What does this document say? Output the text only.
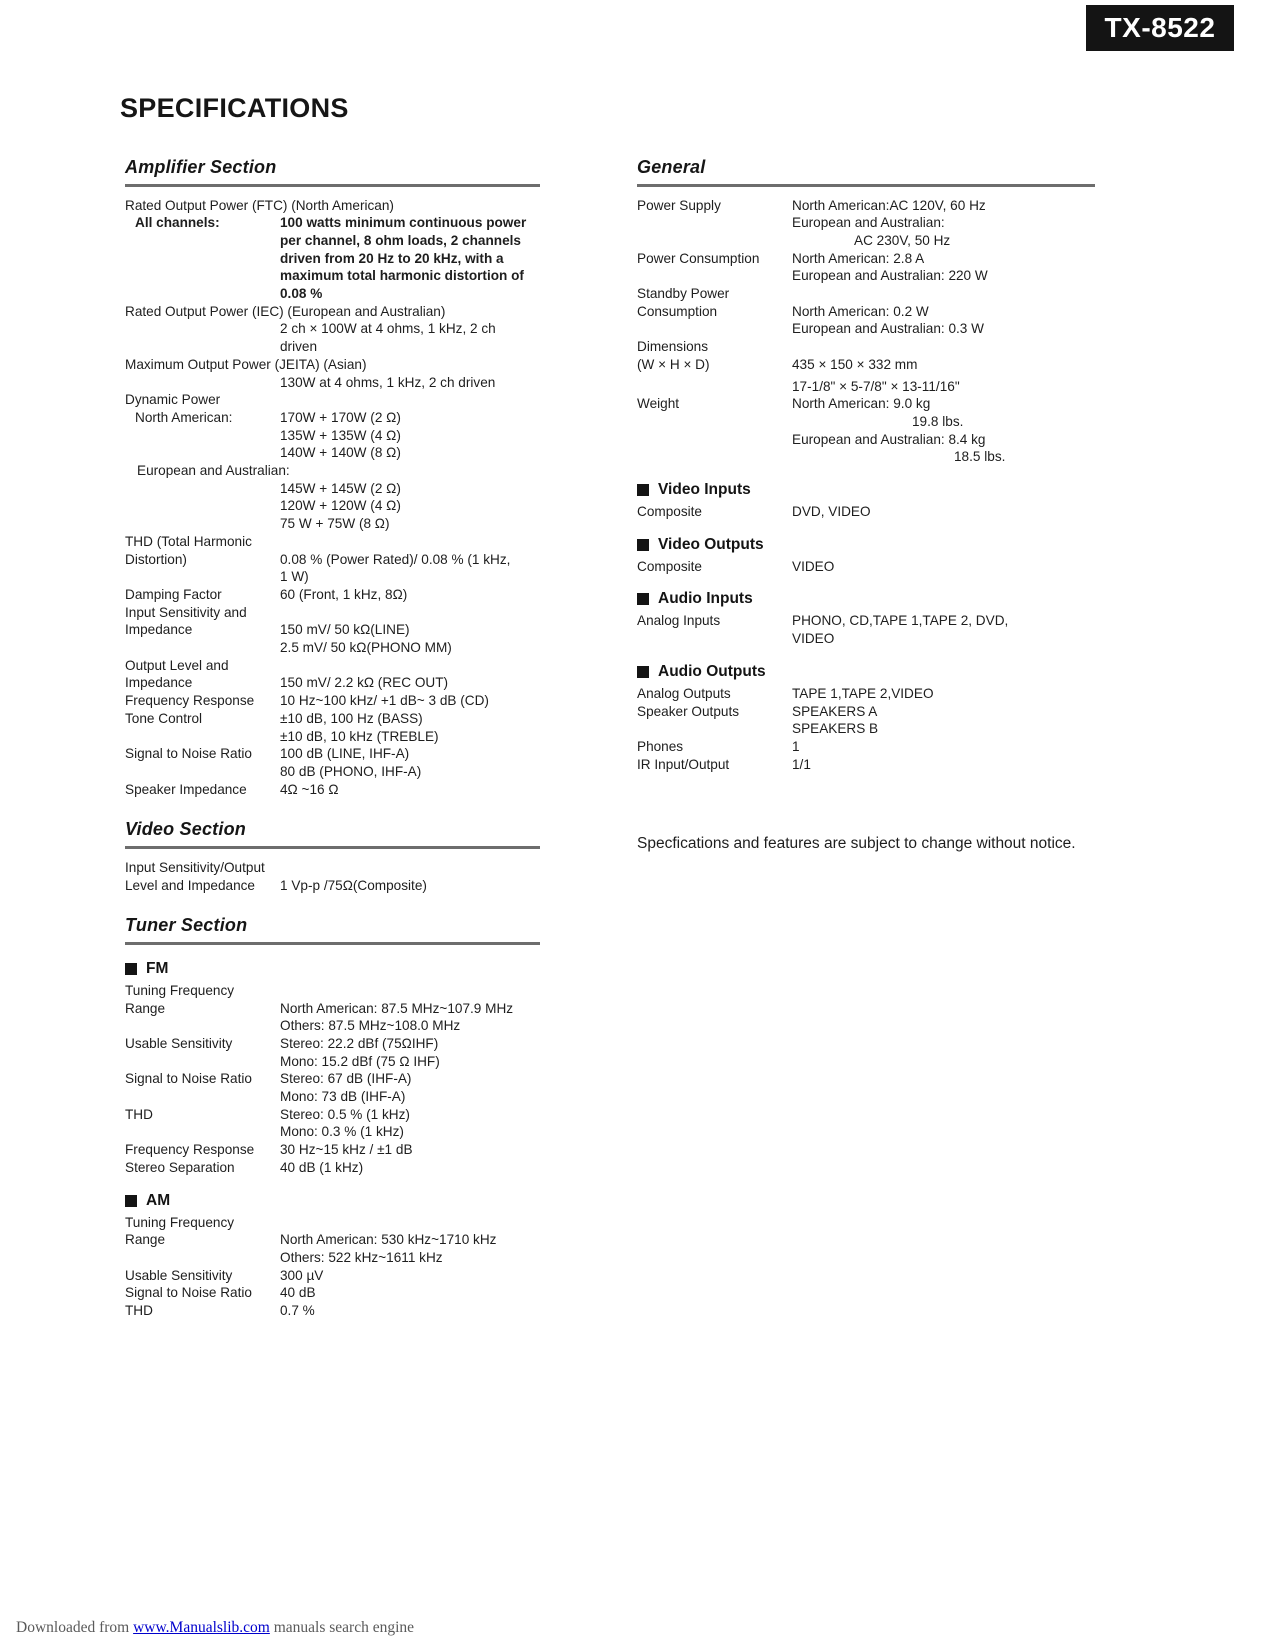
TX-8522
SPECIFICATIONS
Amplifier Section
Rated Output Power (FTC) (North American)
All channels:	100 watts minimum continuous power
per channel, 8 ohm loads, 2 channels
driven from 20 Hz to 20 kHz, with a
maximum total harmonic distortion of
0.08 %
Rated Output Power (IEC) (European and Australian)
2 ch × 100W at 4 ohms, 1 kHz, 2 ch
driven
Maximum Output Power (JEITA) (Asian)
130W at 4 ohms, 1 kHz, 2 ch driven
Dynamic Power
North American:	170W + 170W (2 Ω)
135W + 135W (4 Ω)
140W + 140W (8 Ω)
European and Australian:
145W + 145W (2 Ω)
120W + 120W (4 Ω)
75 W + 75W (8 Ω)
THD (Total Harmonic
Distortion)	0.08 % (Power Rated)/ 0.08 % (1 kHz,
1 W)
Damping Factor	60 (Front, 1 kHz, 8Ω)
Input Sensitivity and
Impedance	150 mV/ 50 kΩ(LINE)
2.5 mV/ 50 kΩ(PHONO MM)
Output Level and
Impedance	150 mV/ 2.2 kΩ (REC OUT)
Frequency Response	10 Hz~100 kHz/ +1 dB~ 3 dB (CD)
Tone Control	±10 dB, 100 Hz (BASS)
±10 dB, 10 kHz (TREBLE)
Signal to Noise Ratio	100 dB (LINE, IHF-A)
80 dB (PHONO, IHF-A)
Speaker Impedance	4Ω ~16 Ω
Video Section
Input Sensitivity/Output
Level and Impedance	1 Vp-p /75Ω(Composite)
Tuner Section
FM
Tuning Frequency
Range	North American: 87.5 MHz~107.9 MHz
Others: 87.5 MHz~108.0 MHz
Usable Sensitivity	Stereo: 22.2 dBf (75ΩIHF)
Mono: 15.2 dBf (75 Ω IHF)
Signal to Noise Ratio	Stereo: 67 dB (IHF-A)
Mono: 73 dB (IHF-A)
THD	Stereo: 0.5 % (1 kHz)
Mono: 0.3 % (1 kHz)
Frequency Response	30 Hz~15 kHz / ±1 dB
Stereo Separation	40 dB (1 kHz)
AM
Tuning Frequency
Range	North American: 530 kHz~1710 kHz
Others: 522 kHz~1611 kHz
Usable Sensitivity	300 µV
Signal to Noise Ratio	40 dB
THD	0.7 %
General
Power Supply	North American:AC 120V, 60 Hz
European and Australian:
AC 230V, 50 Hz
Power Consumption	North American: 2.8 A
European and Australian: 220 W
Standby Power
Consumption	North American: 0.2 W
European and Australian: 0.3 W
Dimensions
(W × H × D)	435 × 150 × 332 mm
17-1/8" × 5-7/8" × 13-11/16"
Weight	North American: 9.0 kg
19.8 lbs.
European and Australian: 8.4 kg
18.5 lbs.
Video Inputs
Composite	DVD, VIDEO
Video Outputs
Composite	VIDEO
Audio Inputs
Analog Inputs	PHONO, CD,TAPE 1,TAPE 2, DVD,
VIDEO
Audio Outputs
Analog Outputs	TAPE 1,TAPE 2,VIDEO
Speaker Outputs	SPEAKERS A
SPEAKERS B
Phones	1
IR Input/Output	1/1
Specfications and features are subject to change without notice.
Downloaded from www.Manualslib.com manuals search engine
